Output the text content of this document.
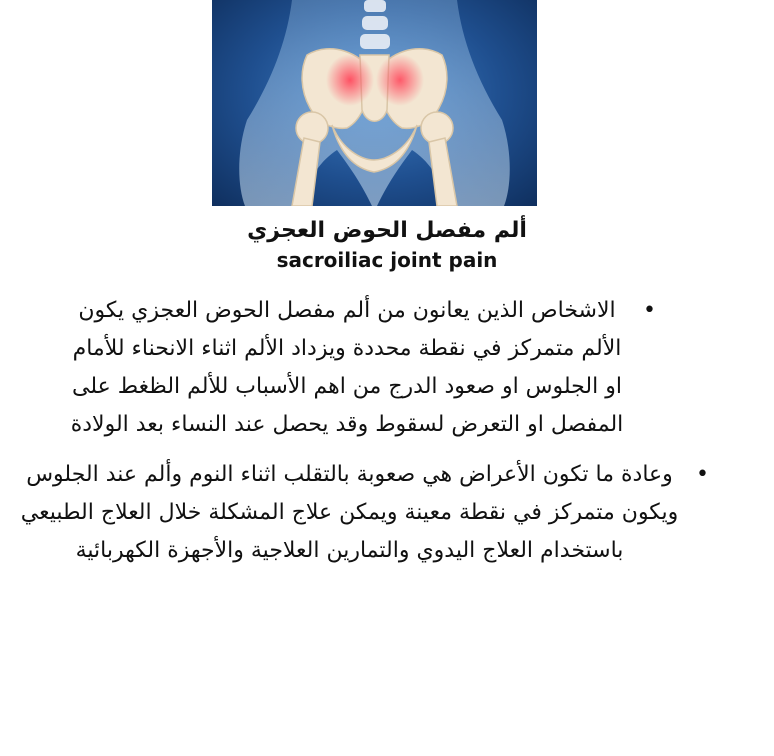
ألم مفصل الحوض العجزي
sacroiliac joint pain
•
الاشخاص الذين يعانون من ألم مفصل الحوض العجزي يكون الألم متمركز في نقطة محددة ويزداد الألم اثناء الانحناء للأمام او الجلوس او صعود الدرج من اهم الأسباب للألم الظغط على المفصل او التعرض لسقوط وقد يحصل عند النساء بعد الولادة
•
وعادة ما تكون الأعراض هي صعوبة بالتقلب اثناء النوم وألم عند الجلوس ويكون متمركز في نقطة معينة ويمكن علاج المشكلة خلال العلاج الطبيعي باستخدام العلاج اليدوي والتمارين العلاجية والأجهزة الكهربائية
